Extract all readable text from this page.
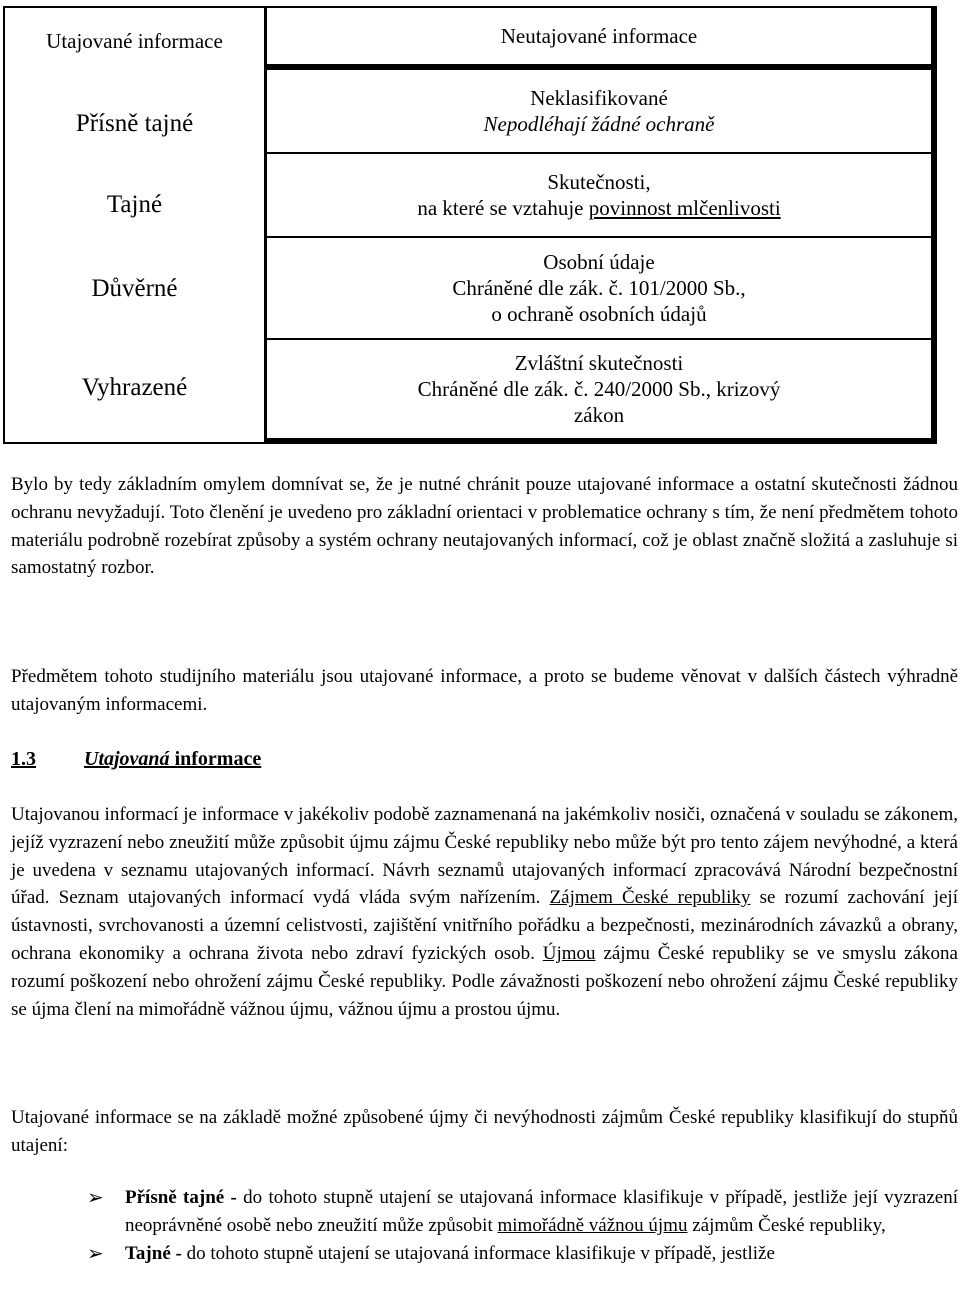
Utajované informace
Přísně tajné
Tajné
Důvěrné
Vyhrazené
Neutajované informace
Neklasifikované
Nepodléhají žádné ochraně
Skutečnosti,
na které se vztahuje povinnost mlčenlivosti
Osobní údaje
Chráněné dle zák. č. 101/2000 Sb.,
o ochraně osobních údajů
Zvláštní skutečnosti
Chráněné dle zák. č. 240/2000 Sb., krizový
zákon
Bylo by tedy základním omylem domnívat se, že je nutné chránit pouze utajované informace a ostatní skutečnosti žádnou ochranu nevyžadují. Toto členění je uvedeno pro základní orientaci v problematice ochrany s tím, že není předmětem tohoto materiálu podrobně rozebírat způsoby a systém ochrany neutajovaných informací, což je oblast značně složitá a zasluhuje si samostatný rozbor.
Předmětem tohoto studijního materiálu jsou utajované informace, a proto se budeme věnovat v dalších částech výhradně utajovaným informacemi.
1.3 Utajovaná informace
Utajovanou informací je informace v jakékoliv podobě zaznamenaná na jakémkoliv nosiči, označená v souladu se zákonem, jejíž vyzrazení nebo zneužití může způsobit újmu zájmu České republiky nebo může být pro tento zájem nevýhodné, a která je uvedena v seznamu utajovaných informací. Návrh seznamů utajovaných informací zpracovává Národní bezpečnostní úřad. Seznam utajovaných informací vydá vláda svým nařízením. Zájmem České republiky se rozumí zachování její ústavnosti, svrchovanosti a územní celistvosti, zajištění vnitřního pořádku a bezpečnosti, mezinárodních závazků a obrany, ochrana ekonomiky a ochrana života nebo zdraví fyzických osob. Újmou zájmu České republiky se ve smyslu zákona rozumí poškození nebo ohrožení zájmu České republiky. Podle závažnosti poškození nebo ohrožení zájmu České republiky se újma člení na mimořádně vážnou újmu, vážnou újmu a prostou újmu.
Utajované informace se na základě možné způsobené újmy či nevýhodnosti zájmům České republiky klasifikují do stupňů utajení:
➢ Přísně tajné - do tohoto stupně utajení se utajovaná informace klasifikuje v případě, jestliže její vyzrazení neoprávněné osobě nebo zneužití může způsobit mimořádně vážnou újmu zájmům České republiky,
➢ Tajné - do tohoto stupně utajení se utajovaná informace klasifikuje v případě, jestliže
